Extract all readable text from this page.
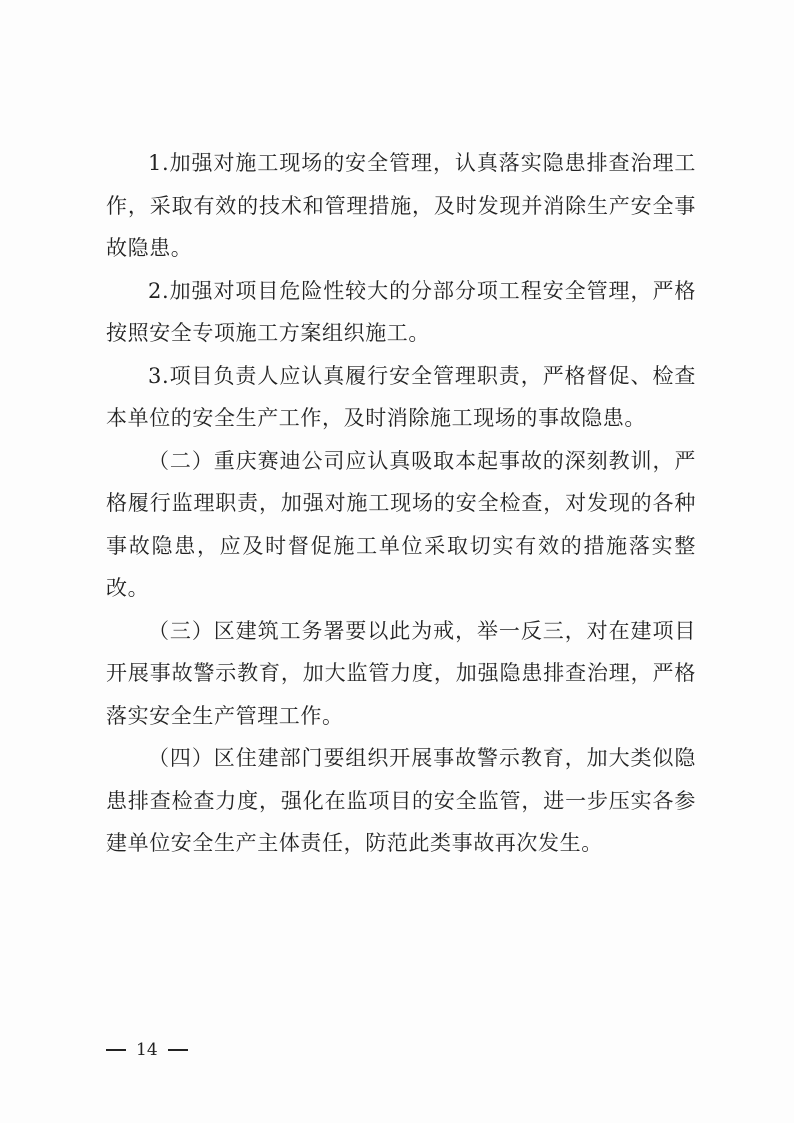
1.加强对施工现场的安全管理，认真落实隐患排查治理工作，采取有效的技术和管理措施，及时发现并消除生产安全事故隐患。

2.加强对项目危险性较大的分部分项工程安全管理，严格按照安全专项施工方案组织施工。

3.项目负责人应认真履行安全管理职责，严格督促、检查本单位的安全生产工作，及时消除施工现场的事故隐患。

（二）重庆赛迪公司应认真吸取本起事故的深刻教训，严格履行监理职责，加强对施工现场的安全检查，对发现的各种事故隐患，应及时督促施工单位采取切实有效的措施落实整改。

（三）区建筑工务署要以此为戒，举一反三，对在建项目开展事故警示教育，加大监管力度，加强隐患排查治理，严格落实安全生产管理工作。

（四）区住建部门要组织开展事故警示教育，加大类似隐患排查检查力度，强化在监项目的安全监管，进一步压实各参建单位安全生产主体责任，防范此类事故再次发生。

14
